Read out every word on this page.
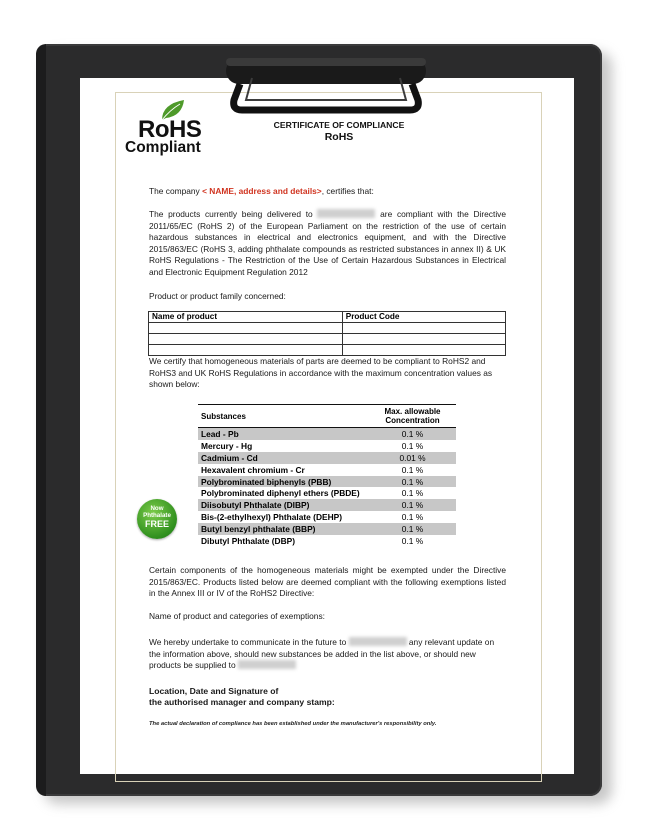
RoHS
Compliant
CERTIFICATE OF COMPLIANCE
RoHS
The company < NAME, address and details>, certifies that:
The products currently being delivered to	are compliant with the Directive 2011/65/EC (RoHS 2) of the European Parliament on the restriction of the use of certain hazardous substances in electrical and electronics equipment, and with the Directive 2015/863/EC (RoHS 3, adding phthalate compounds as restricted substances in annex II) & UK RoHS Regulations - The Restriction of the Use of Certain Hazardous Substances in Electrical and Electronic Equipment Regulation 2012
Product or product family concerned:
Name of product	Product Code

We certify that homogeneous materials of parts are deemed to be compliant to RoHS2 and RoHS3 and UK RoHS Regulations in accordance with the maximum concentration values as shown below:
Substances	Max. allowable
Concentration
Lead - Pb	0.1 %
Mercury - Hg	0.1 %
Cadmium - Cd	0.01 %
Hexavalent chromium - Cr	0.1 %
Polybrominated biphenyls (PBB)	0.1 %
Polybrominated diphenyl ethers (PBDE)	0.1 %
Diisobutyl Phthalate (DIBP)	0.1 %
Bis-(2-ethylhexyl) Phthalate (DEHP)	0.1 %
Butyl benzyl phthalate (BBP)	0.1 %
Dibutyl Phthalate (DBP)	0.1 %
Now
Phthalate
FREE
Certain components of the homogeneous materials might be exempted under the Directive 2015/863/EC. Products listed below are deemed compliant with the following exemptions listed in the Annex III or IV of the RoHS2 Directive:
Name of product and categories of exemptions:
We hereby undertake to communicate in the future to	any relevant update on the information above, should new substances be added in the list above, or should new products be supplied to
Location, Date and Signature of
the authorised manager and company stamp:
The actual declaration of compliance has been established under the manufacturer's responsibility only.
